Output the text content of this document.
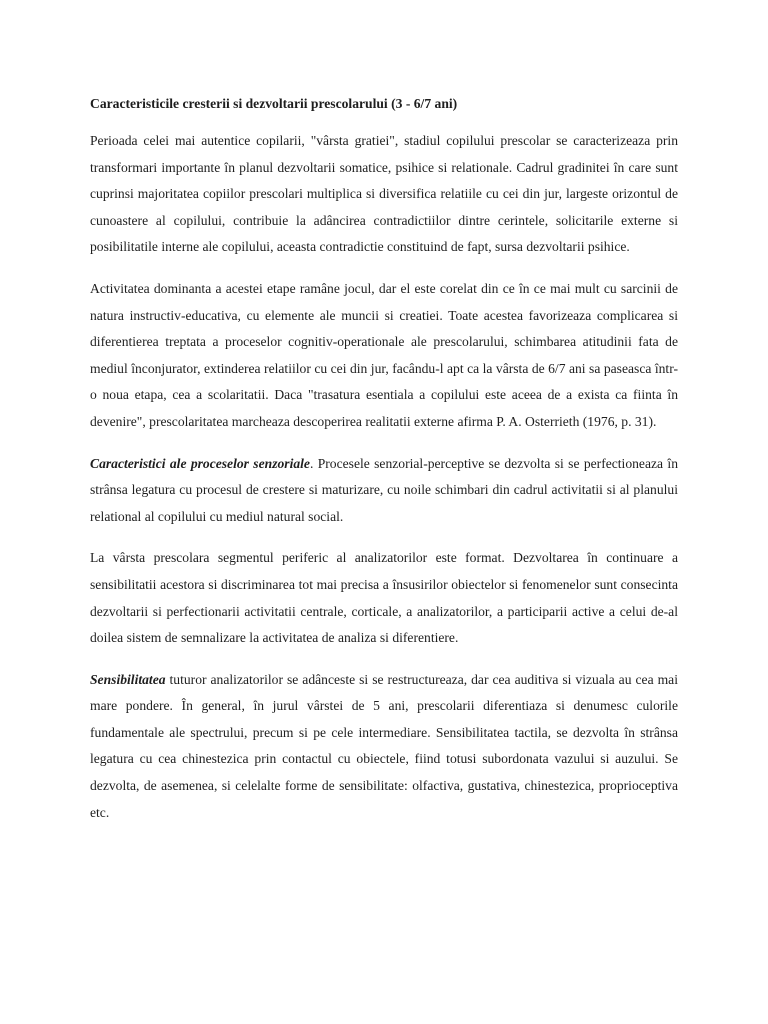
Caracteristicile cresterii si dezvoltarii prescolarului (3 - 6/7 ani)

Perioada celei mai autentice copilarii, "vârsta gratiei", stadiul copilului prescolar se caracterizeaza prin transformari importante în planul dezvoltarii somatice, psihice si relationale. Cadrul gradinitei în care sunt cuprinsi majoritatea copiilor prescolari multiplica si diversifica relatiile cu cei din jur, largeste orizontul de cunoastere al copilului, contribuie la adâncirea contradictiilor dintre cerintele, solicitarile externe si posibilitatile interne ale copilului, aceasta contradictie constituind de fapt, sursa dezvoltarii psihice.

Activitatea dominanta a acestei etape ramâne jocul, dar el este corelat din ce în ce mai mult cu sarcinii de natura instructiv-educativa, cu elemente ale muncii si creatiei. Toate acestea favorizeaza complicarea si diferentierea treptata a proceselor cognitiv-operationale ale prescolarului, schimbarea atitudinii fata de mediul înconjurator, extinderea relatiilor cu cei din jur, facându-l apt ca la vârsta de 6/7 ani sa paseasca într-o noua etapa, cea a scolaritatii. Daca "trasatura esentiala a copilului este aceea de a exista ca fiinta în devenire", prescolaritatea marcheaza descoperirea realitatii externe afirma P. A. Osterrieth (1976, p. 31).

Caracteristici ale proceselor senzoriale. Procesele senzorial-perceptive se dezvolta si se perfectioneaza în strânsa legatura cu procesul de crestere si maturizare, cu noile schimbari din cadrul activitatii si al planului relational al copilului cu mediul natural social.

La vârsta prescolara segmentul periferic al analizatorilor este format. Dezvoltarea în continuare a sensibilitatii acestora si discriminarea tot mai precisa a însusirilor obiectelor si fenomenelor sunt consecinta dezvoltarii si perfectionarii activitatii centrale, corticale, a analizatorilor, a participarii active a celui de-al doilea sistem de semnalizare la activitatea de analiza si diferentiere.

Sensibilitatea tuturor analizatorilor se adânceste si se restructureaza, dar cea auditiva si vizuala au cea mai mare pondere. În general, în jurul vârstei de 5 ani, prescolarii diferentiaza si denumesc culorile fundamentale ale spectrului, precum si pe cele intermediare. Sensibilitatea tactila, se dezvolta în strânsa legatura cu cea chinestezica prin contactul cu obiectele, fiind totusi subordonata vazului si auzului. Se dezvolta, de asemenea, si celelalte forme de sensibilitate: olfactiva, gustativa, chinestezica, proprioceptiva etc.
